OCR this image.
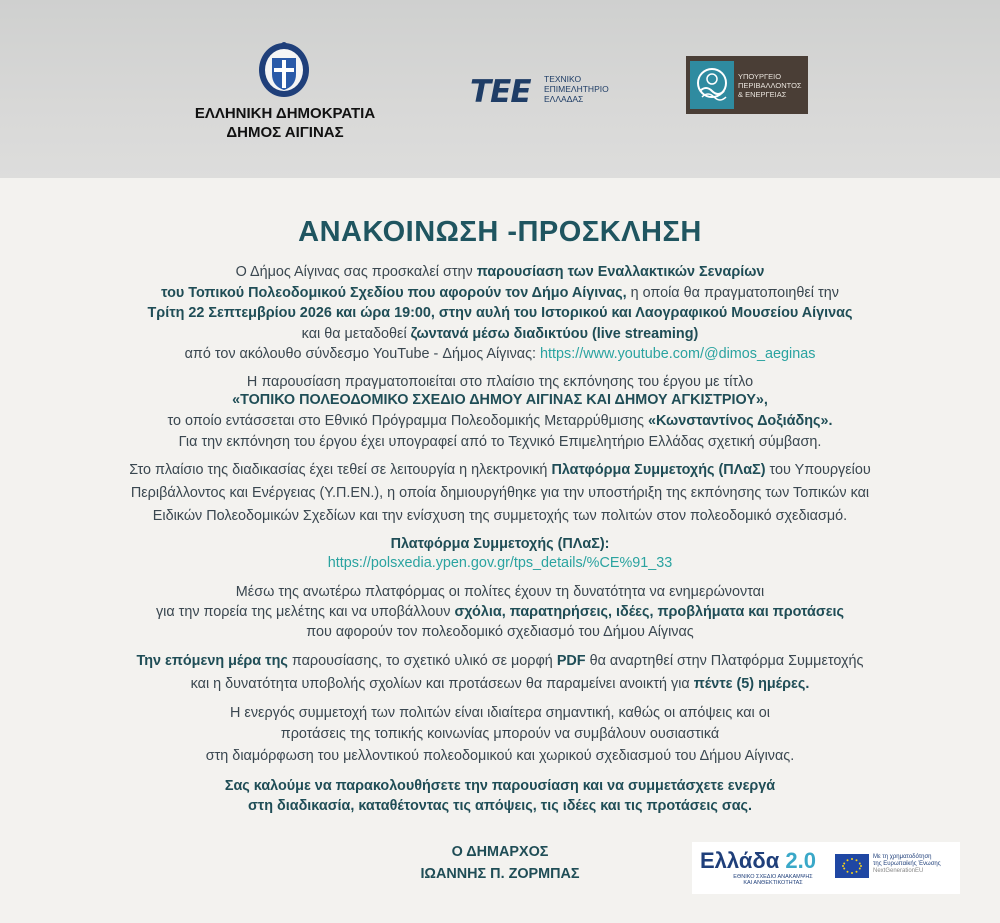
ΕΛΛΗΝΙΚΗ ΔΗΜΟΚΡΑΤΙΑ
ΔΗΜΟΣ ΑΙΓΙΝΑΣ
ΤΕΕ ΤΕΧΝΙΚΟ
ΕΠΙΜΕΛΗΤΗΡΙΟ
ΕΛΛΑΔΑΣ
ΥΠΟΥΡΓΕΙΟ
ΠΕΡΙΒΑΛΛΟΝΤΟΣ
& ΕΝΕΡΓΕΙΑΣ
ΑΝΑΚΟΙΝΩΣΗ -ΠΡΟΣΚΛΗΣΗ
Ο Δήμος Αίγινας σας προσκαλεί στην παρουσίαση των Εναλλακτικών Σεναρίων
του Τοπικού Πολεοδομικού Σχεδίου που αφορούν τον Δήμο Αίγινας, η οποία θα πραγματοποιηθεί την
Τρίτη 22 Σεπτεμβρίου 2026 και ώρα 19:00, στην αυλή του Ιστορικού και Λαογραφικού Μουσείου Αίγινας
και θα μεταδοθεί ζωντανά μέσω διαδικτύου (live streaming)
από τον ακόλουθο σύνδεσμο YouTube - Δήμος Αίγινας: https://www.youtube.com/@dimos_aeginas
Η παρουσίαση πραγματοποιείται στο πλαίσιο της εκπόνησης του έργου με τίτλο
«ΤΟΠΙΚΟ ΠΟΛΕΟΔΟΜΙΚΟ ΣΧΕΔΙΟ ΔΗΜΟΥ ΑΙΓΙΝΑΣ ΚΑΙ ΔΗΜΟΥ ΑΓΚΙΣΤΡΙΟΥ»,
το οποίο εντάσσεται στο Εθνικό Πρόγραμμα Πολεοδομικής Μεταρρύθμισης «Κωνσταντίνος Δοξιάδης».
Για την εκπόνηση του έργου έχει υπογραφεί από το Τεχνικό Επιμελητήριο Ελλάδας σχετική σύμβαση.
Στο πλαίσιο της διαδικασίας έχει τεθεί σε λειτουργία η ηλεκτρονική Πλατφόρμα Συμμετοχής (ΠΛαΣ) του Υπουργείου
Περιβάλλοντος και Ενέργειας (Υ.Π.ΕΝ.), η οποία δημιουργήθηκε για την υποστήριξη της εκπόνησης των Τοπικών και
Ειδικών Πολεοδομικών Σχεδίων και την ενίσχυση της συμμετοχής των πολιτών στον πολεοδομικό σχεδιασμό.
Πλατφόρμα Συμμετοχής (ΠΛαΣ):
https://polsxedia.ypen.gov.gr/tps_details/%CE%91_33
Μέσω της ανωτέρω πλατφόρμας οι πολίτες έχουν τη δυνατότητα να ενημερώνονται
για την πορεία της μελέτης και να υποβάλλουν σχόλια, παρατηρήσεις, ιδέες, προβλήματα και προτάσεις
που αφορούν τον πολεοδομικό σχεδιασμό του Δήμου Αίγινας
Την επόμενη μέρα της παρουσίασης, το σχετικό υλικό σε μορφή PDF θα αναρτηθεί στην Πλατφόρμα Συμμετοχής
και η δυνατότητα υποβολής σχολίων και προτάσεων θα παραμείνει ανοικτή για πέντε (5) ημέρες.
Η ενεργός συμμετοχή των πολιτών είναι ιδιαίτερα σημαντική, καθώς οι απόψεις και οι
προτάσεις της τοπικής κοινωνίας μπορούν να συμβάλουν ουσιαστικά
στη διαμόρφωση του μελλοντικού πολεοδομικού και χωρικού σχεδιασμού του Δήμου Αίγινας.
Σας καλούμε να παρακολουθήσετε την παρουσίαση και να συμμετάσχετε ενεργά
στη διαδικασία, καταθέτοντας τις απόψεις, τις ιδέες και τις προτάσεις σας.
Ο ΔΗΜΑΡΧΟΣ
ΙΩΑΝΝΗΣ Π. ΖΟΡΜΠΑΣ
Ελλάδα 2.0
ΕΘΝΙΚΟ ΣΧΕΔΙΟ ΑΝΑΚΑΜΨΗΣ
ΚΑΙ ΑΝΘΕΚΤΙΚΟΤΗΤΑΣ
Με τη χρηματοδότηση
της Ευρωπαϊκής Ένωσης
NextGenerationEU
